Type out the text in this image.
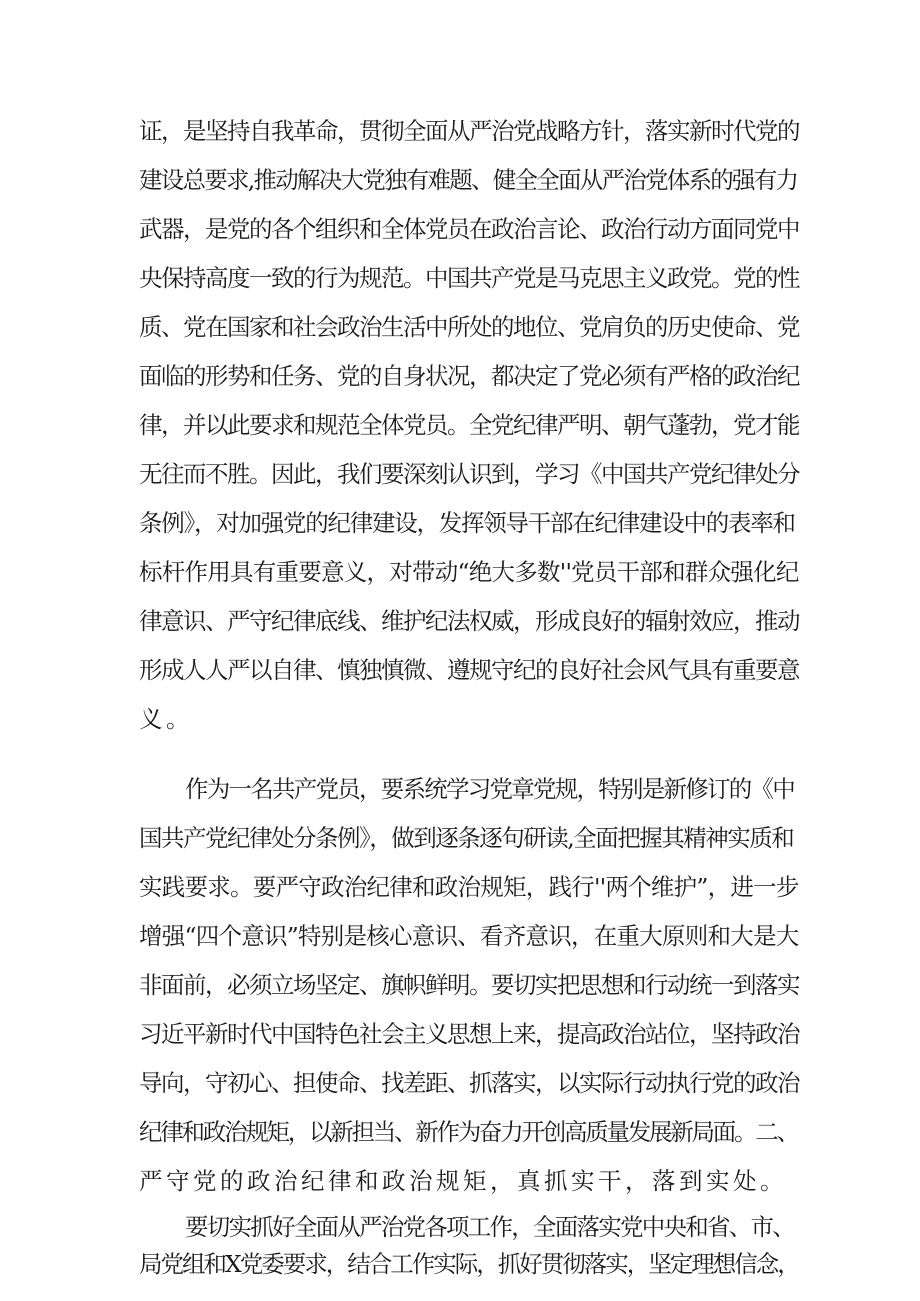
证，是坚持自我革命，贯彻全面从严治党战略方针，落实新时代党的
建设总要求,推动解决大党独有难题、健全全面从严治党体系的强有力
武器，是党的各个组织和全体党员在政治言论、政治行动方面同党中
央保持高度一致的行为规范。中国共产党是马克思主义政党。党的性
质、党在国家和社会政治生活中所处的地位、党肩负的历史使命、党
面临的形势和任务、党的自身状况，都决定了党必须有严格的政治纪
律，并以此要求和规范全体党员。全党纪律严明、朝气蓬勃，党才能
无往而不胜。因此，我们要深刻认识到，学习《中国共产党纪律处分
条例》，对加强党的纪律建设，发挥领导干部在纪律建设中的表率和
标杆作用具有重要意义，对带动“绝大多数''党员干部和群众强化纪
律意识、严守纪律底线、维护纪法权威，形成良好的辐射效应，推动
形成人人严以自律、慎独慎微、遵规守纪的良好社会风气具有重要意
义。
作为一名共产党员，要系统学习党章党规，特别是新修订的《中
国共产党纪律处分条例》，做到逐条逐句研读,全面把握其精神实质和
实践要求。要严守政治纪律和政治规矩，践行''两个维护”，进一步
增强“四个意识”特别是核心意识、看齐意识，在重大原则和大是大
非面前，必须立场坚定、旗帜鲜明。要切实把思想和行动统一到落实
习近平新时代中国特色社会主义思想上来，提高政治站位，坚持政治
导向，守初心、担使命、找差距、抓落实，以实际行动执行党的政治
纪律和政治规矩，以新担当、新作为奋力开创高质量发展新局面。二、
严守党的政治纪律和政治规矩，真抓实干，落到实处。
要切实抓好全面从严治党各项工作，全面落实党中央和省、市、
局党组和X党委要求，结合工作实际，抓好贯彻落实，坚定理想信念，
